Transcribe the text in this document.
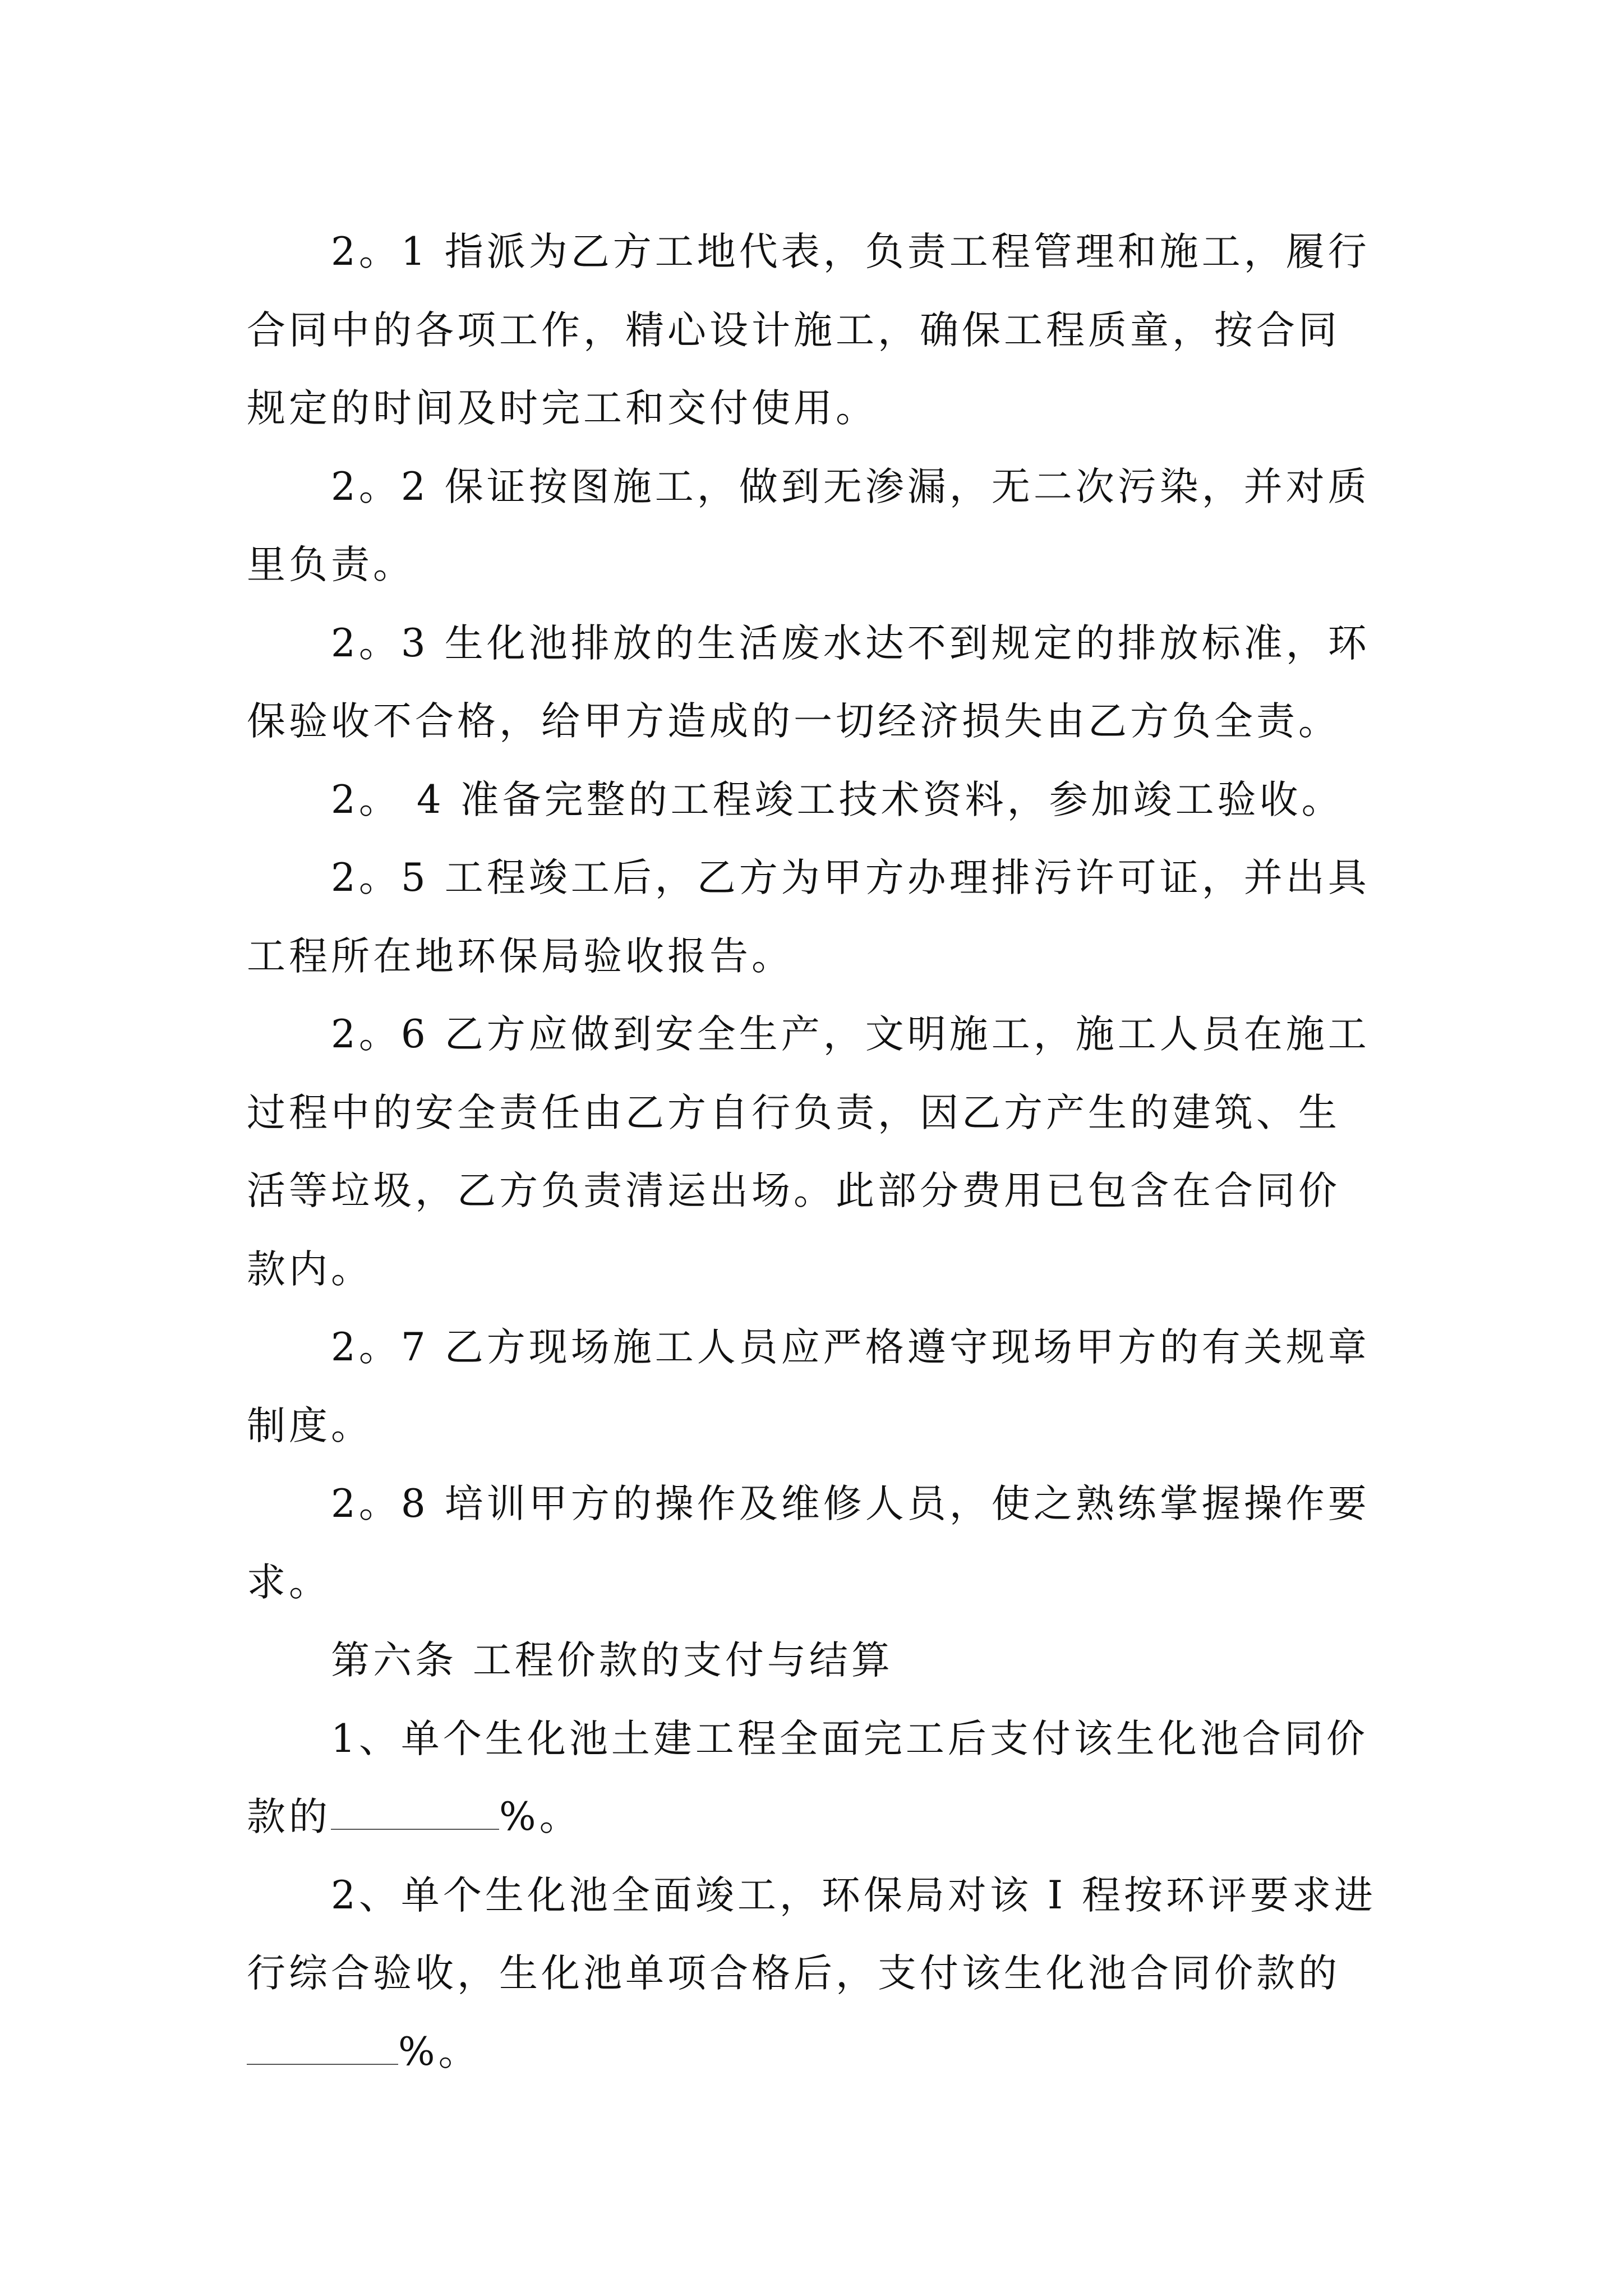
2。1 指派为乙方工地代表，负责工程管理和施工，履行合同中的各项工作，精心设计施工，确保工程质童，按合同规定的时间及时完工和交付使用。

2。2 保证按图施工，做到无渗漏，无二次污染，并对质里负责。

2。3 生化池排放的生活废水达不到规定的排放标准，环保验收不合格，给甲方造成的一切经济损失由乙方负全责。

2。 4 准备完整的工程竣工技术资料，参加竣工验收。

2。5 工程竣工后，乙方为甲方办理排污许可证，并出具工程所在地环保局验收报告。

2。6 乙方应做到安全生产，文明施工，施工人员在施工过程中的安全责任由乙方自行负责，因乙方产生的建筑、生活等垃圾，乙方负责清运出场。此部分费用已包含在合同价款内。

2。7 乙方现场施工人员应严格遵守现场甲方的有关规章制度。

2。8 培训甲方的操作及维修人员，使之熟练掌握操作要求。

第六条 工程价款的支付与结算

1、单个生化池土建工程全面完工后支付该生化池合同价款的	%。

2、单个生化池全面竣工，环保局对该 I 程按环评要求进行综合验收，生化池单项合格后，支付该生化池合同价款的%。
